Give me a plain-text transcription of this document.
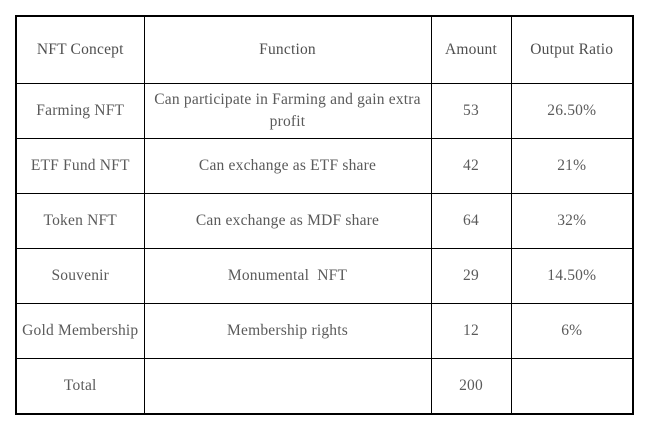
NFT Concept	Function	Amount	Output Ratio
Farming NFT	Can participate in Farming and gain extra profit	53	26.50%
ETF Fund NFT	Can exchange as ETF share	42	21%
Token NFT	Can exchange as MDF share	64	32%
Souvenir	Monumental  NFT	29	14.50%
Gold Membership	Membership rights	12	6%
Total		200	
